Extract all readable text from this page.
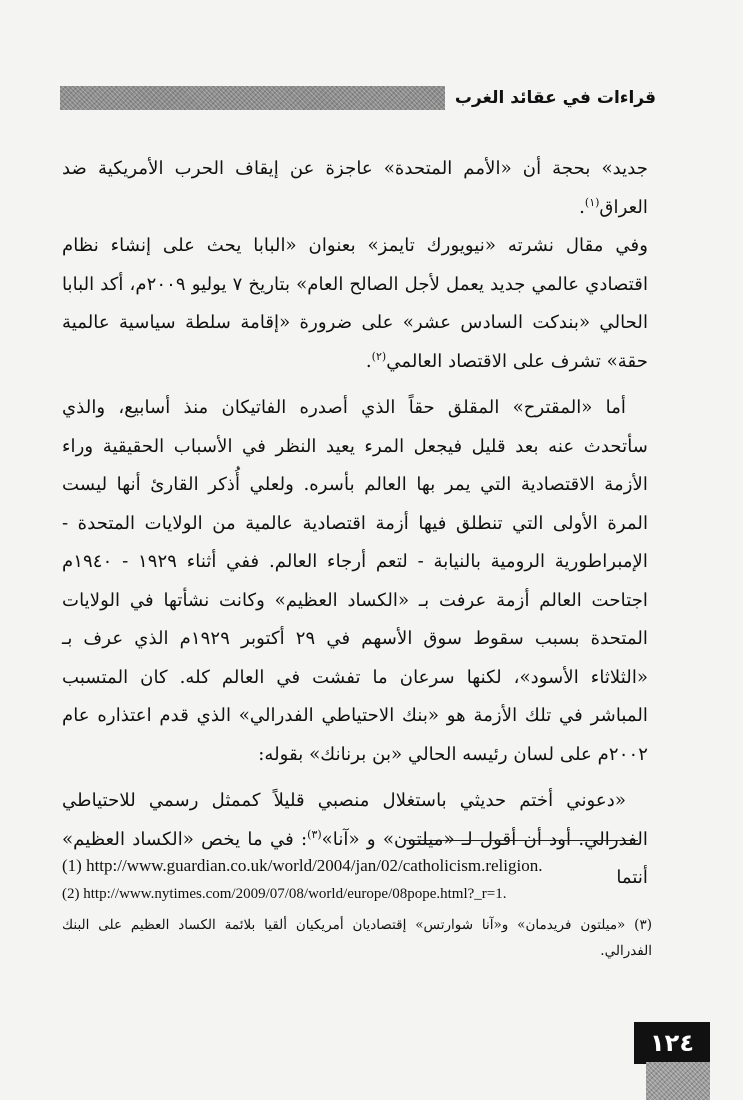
قراءات في عقائد الغرب

جديد» بحجة أن «الأمم المتحدة» عاجزة عن إيقاف الحرب الأمريكية ضد العراق$^{(١)}$.

وفي مقال نشرته «نيويورك تايمز» بعنوان «البابا يحث على إنشاء نظام اقتصادي عالمي جديد يعمل لأجل الصالح العام» بتاريخ ٧ يوليو ٢٠٠٩م، أكد البابا الحالي «بندكت السادس عشر» على ضرورة «إقامة سلطة سياسية عالمية حقة» تشرف على الاقتصاد العالمي$^{(٢)}$.

أما «المقترح» المقلق حقاً الذي أصدره الفاتيكان منذ أسابيع، والذي سأتحدث عنه بعد قليل فيجعل المرء يعيد النظر في الأسباب الحقيقية وراء الأزمة الاقتصادية التي يمر بها العالم بأسره. ولعلي أُذكر القارئ أنها ليست المرة الأولى التي تنطلق فيها أزمة اقتصادية عالمية من الولايات المتحدة - الإمبراطورية الرومية بالنيابة - لتعم أرجاء العالم. ففي أثناء ١٩٢٩ - ١٩٤٠م اجتاحت العالم أزمة عرفت بـ «الكساد العظيم» وكانت نشأتها في الولايات المتحدة بسبب سقوط سوق الأسهم في ٢٩ أكتوبر ١٩٢٩م الذي عرف بـ «الثلاثاء الأسود»، لكنها سرعان ما تفشت في العالم كله. كان المتسبب المباشر في تلك الأزمة هو «بنك الاحتياطي الفدرالي» الذي قدم اعتذاره عام ٢٠٠٢م على لسان رئيسه الحالي «بن برنانك» بقوله:

«دعوني أختم حديثي باستغلال منصبي قليلاً كممثل رسمي للاحتياطي الفدرالي. أود أن أقول لـ «ميلتون» و «آنا»$^{(٣)}$: في ما يخص «الكساد العظيم» أنتما

(1) http://www.guardian.co.uk/world/2004/jan/02/catholicism.religion.
(2) http://www.nytimes.com/2009/07/08/world/europe/08pope.html?_r=1.
(٣) «ميلتون فريدمان» و«آنا شوارتس» إقتصاديان أمريكيان ألقيا بلائمة الكساد العظيم على البنك الفدرالي.
١٢٤
